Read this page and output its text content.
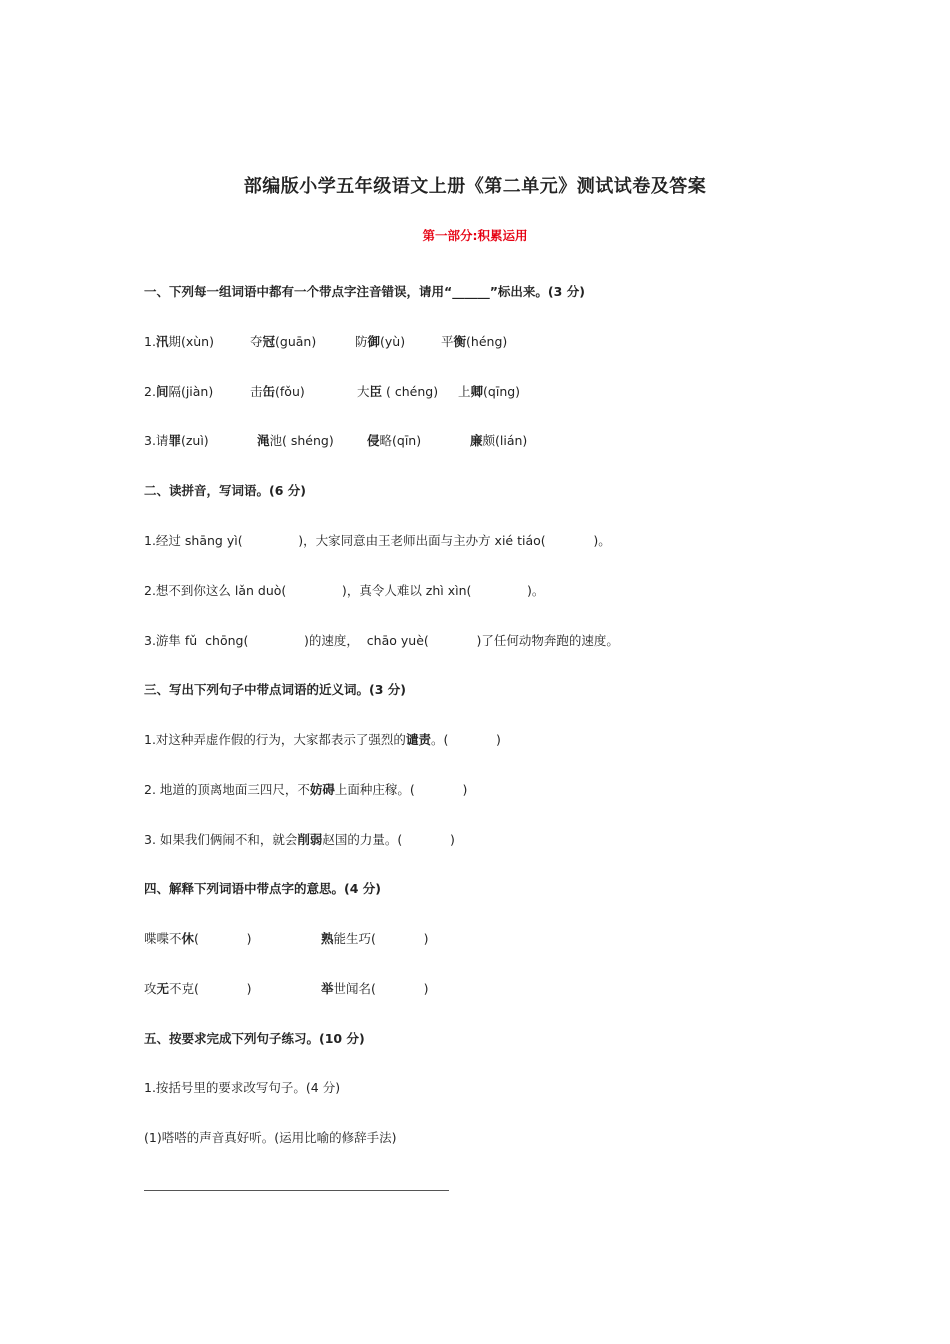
部编版小学五年级语文上册《第二单元》测试试卷及答案
第一部分:积累运用
一、下列每一组词语中都有一个带点字注音错误，请用“______”标出来。(3 分)
1.汛期(xùn)	夺冠(guān)	防御(yù)	平衡(héng)
2.间隔(jiàn)	击缶(fǒu)	大臣 ( chéng) 上卿(qīng)
3.请罪(zuì)	渑池( shéng)	侵略(qīn)	廉颇(lián)
二、读拼音，写词语。(6 分)
1.经过 shāng yì(              )，大家同意由王老师出面与主办方 xié tiáo(            )。
2.想不到你这么 lǎn duò(              )，真令人难以 zhì xìn(              )。
3.游隼 fǔ  chōng(              )的速度，  chāo yuè(            )了任何动物奔跑的速度。
三、写出下列句子中带点词语的近义词。(3 分)
1.对这种弄虚作假的行为，大家都表示了强烈的谴责。(            )
2. 地道的顶离地面三四尺，不妨碍上面种庄稼。(            )
3. 如果我们俩闹不和，就会削弱赵国的力量。(            )
四、解释下列词语中带点字的意思。(4 分)
喋喋不休(            )	熟能生巧(            )
攻无不克(            )	举世闻名(            )
五、按要求完成下列句子练习。(10 分)
1.按括号里的要求改写句子。(4 分)
(1)嗒嗒的声音真好听。(运用比喻的修辞手法)
